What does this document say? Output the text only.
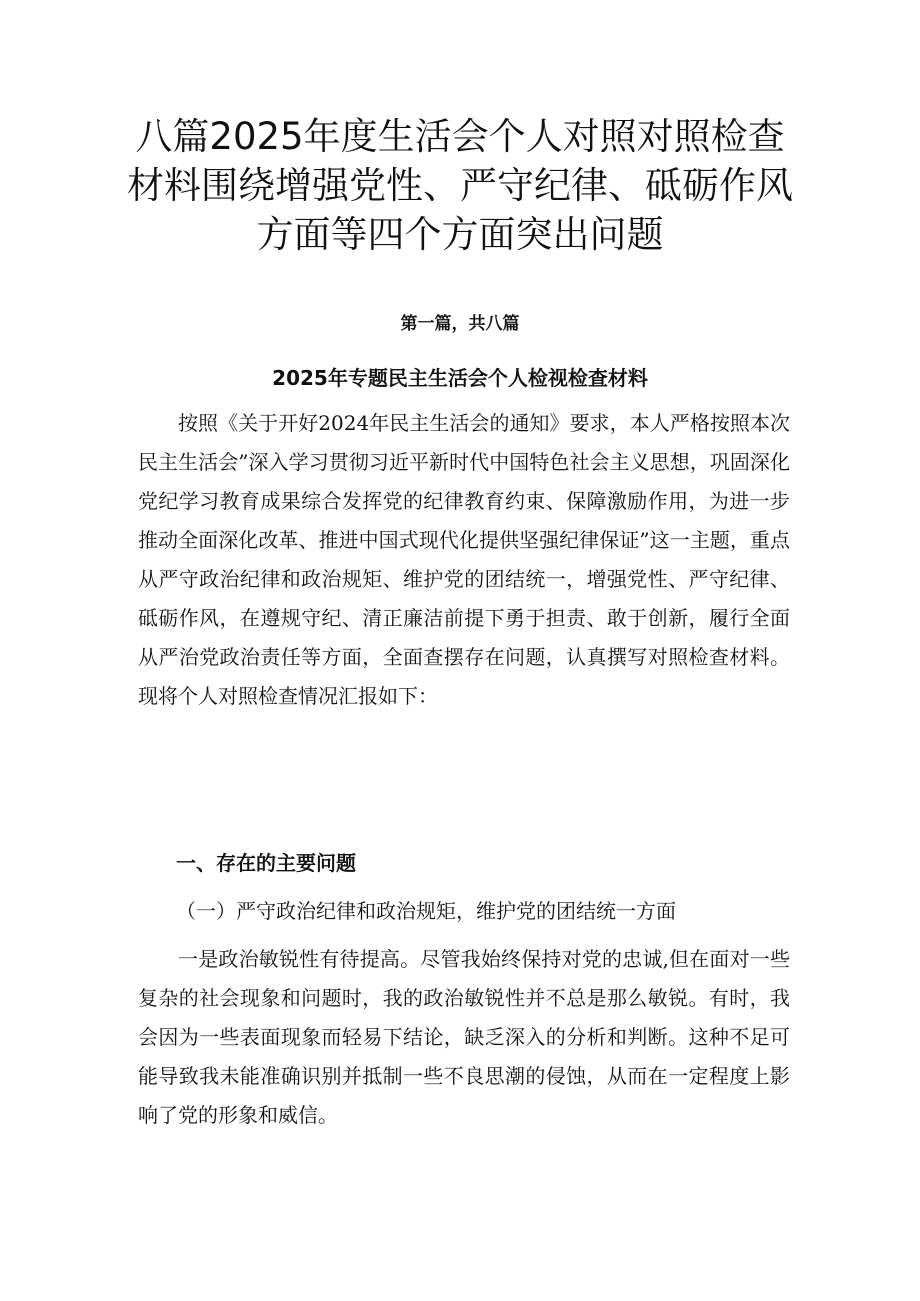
八篇2025年度生活会个人对照对照检查材料围绕增强党性、严守纪律、砥砺作风方面等四个方面突出问题
第一篇，共八篇
2025年专题民主生活会个人检视检查材料

按照《关于开好2024年民主生活会的通知》要求，本人严格按照本次民主生活会”深入学习贯彻习近平新时代中国特色社会主义思想，巩固深化党纪学习教育成果综合发挥党的纪律教育约束、保障激励作用，为进一步推动全面深化改革、推进中国式现代化提供坚强纪律保证”这一主题，重点从严守政治纪律和政治规矩、维护党的团结统一，增强党性、严守纪律、砥砺作风，在遵规守纪、清正廉洁前提下勇于担责、敢于创新，履行全面从严治党政治责任等方面，全面查摆存在问题，认真撰写对照检查材料。现将个人对照检查情况汇报如下：

一、存在的主要问题
（一）严守政治纪律和政治规矩，维护党的团结统一方面

一是政治敏锐性有待提高。尽管我始终保持对党的忠诚,但在面对一些复杂的社会现象和问题时，我的政治敏锐性并不总是那么敏锐。有时，我会因为一些表面现象而轻易下结论，缺乏深入的分析和判断。这种不足可能导致我未能准确识别并抵制一些不良思潮的侵蚀，从而在一定程度上影响了党的形象和威信。
